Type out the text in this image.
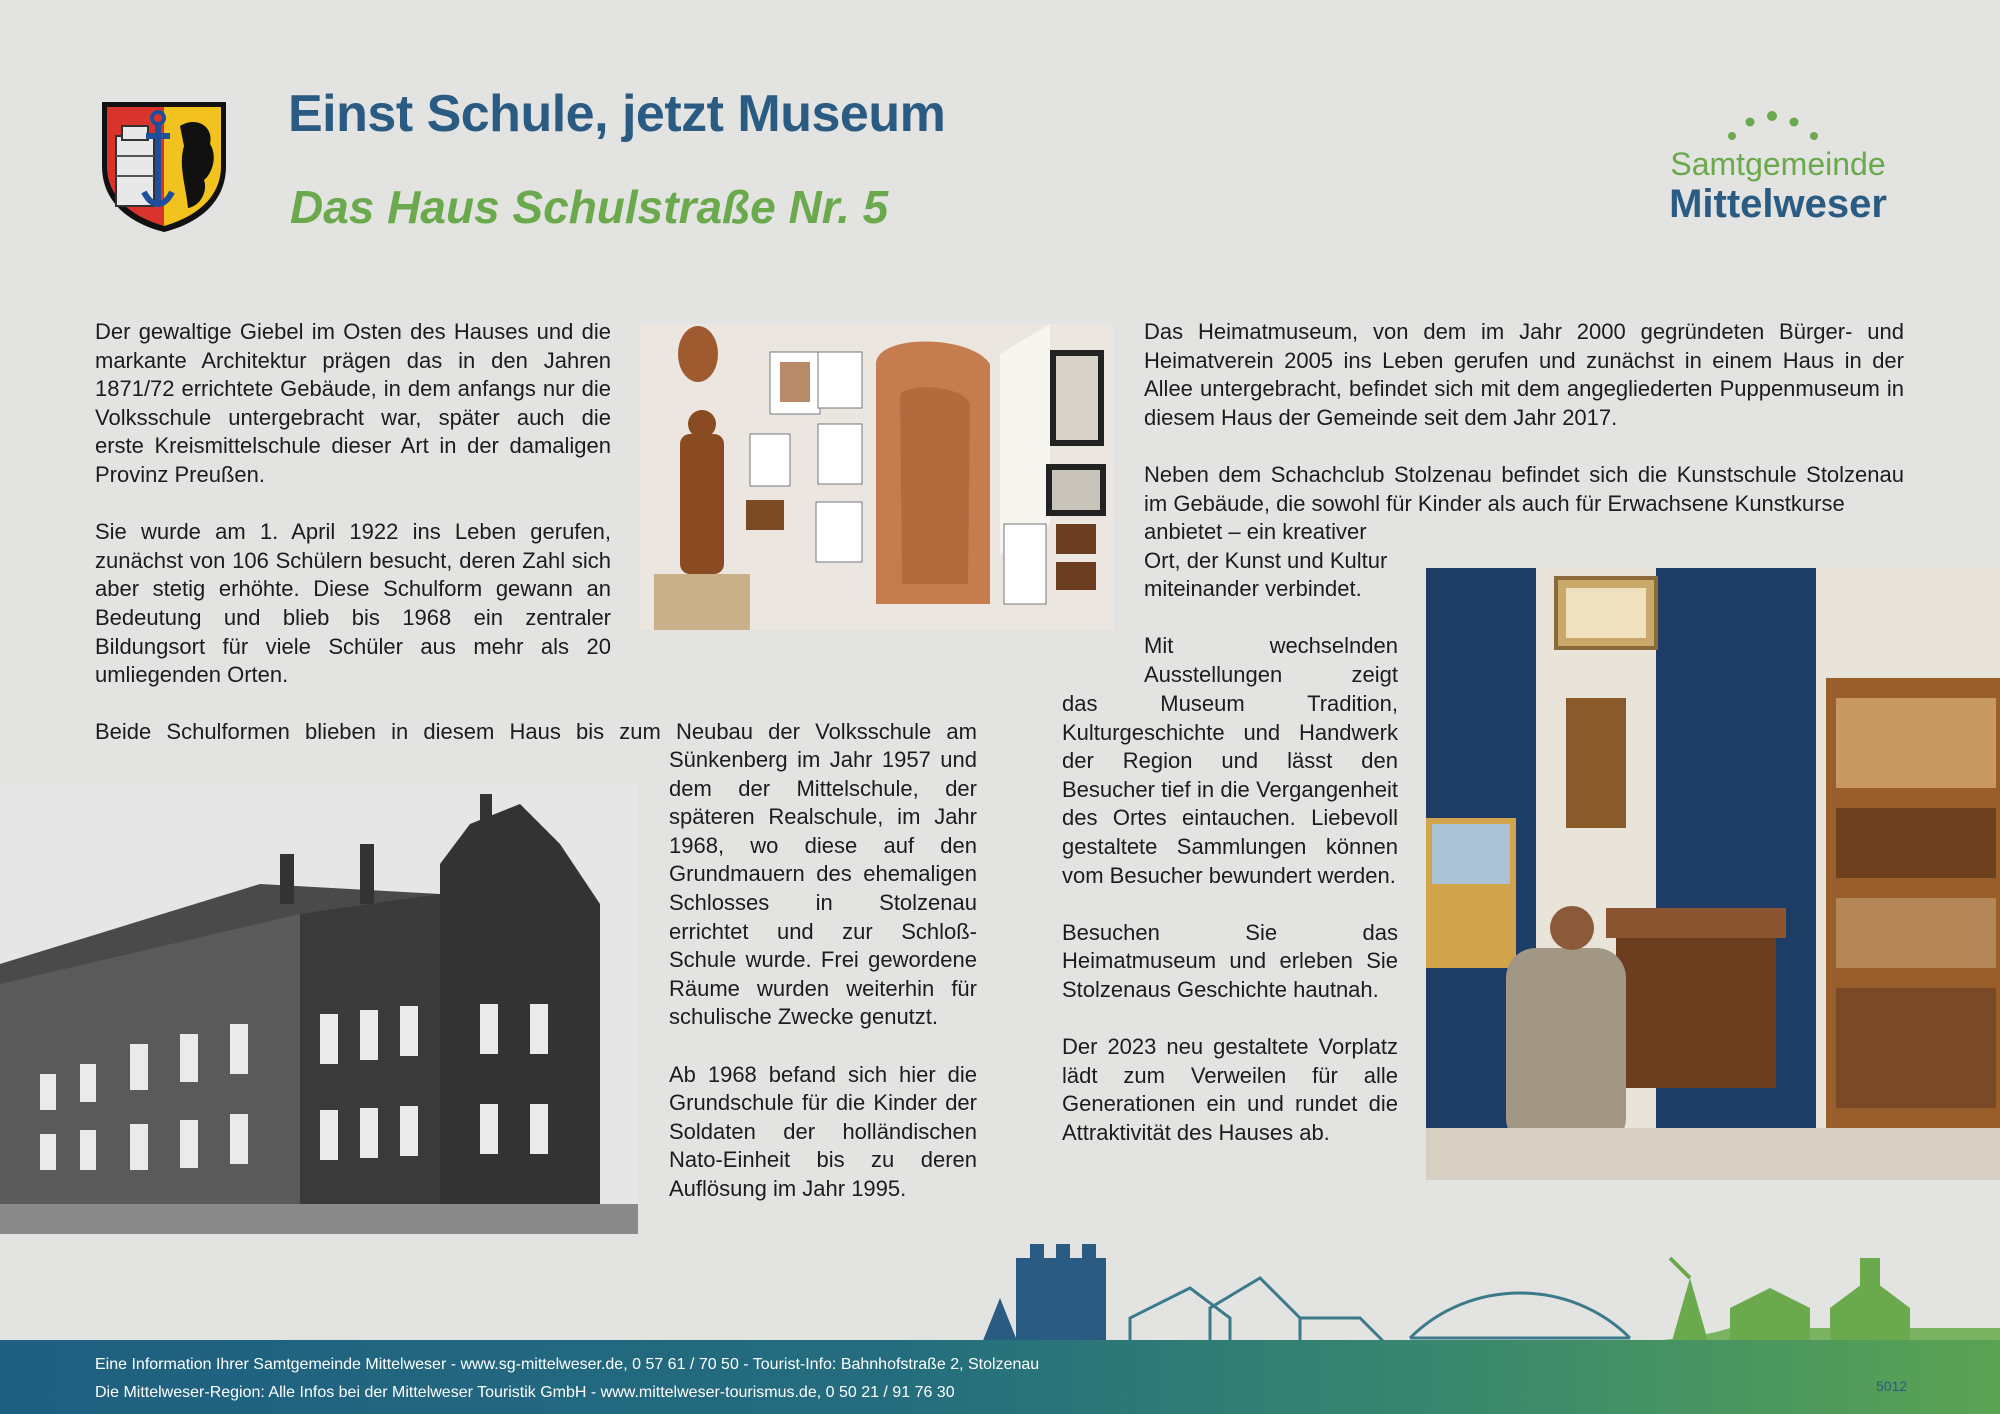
Einst Schule, jetzt Museum
Das Haus Schulstraße Nr. 5
Samtgemeinde
Mittelweser

Der gewaltige Giebel im Osten des Hauses und die markante Architektur prägen das in den Jahren 1871/72 errichtete Gebäude, in dem anfangs nur die Volksschule untergebracht war, später auch die erste Kreismittelschule dieser Art in der damaligen Provinz Preußen.

Sie wurde am 1. April 1922 ins Leben gerufen, zunächst von 106 Schülern besucht, deren Zahl sich aber stetig erhöhte. Diese Schulform gewann an Bedeutung und blieb bis 1968 ein zentraler Bildungsort für viele Schüler aus mehr als 20 umliegenden Orten.

Beide Schulformen blieben in diesem Haus bis zum Neubau der Volksschule am

Sünkenberg im Jahr 1957 und dem der Mittelschule, der späteren Realschule, im Jahr 1968, wo diese auf den Grundmauern des ehemaligen Schlosses in Stolzenau errichtet und zur Schloß-Schule wurde. Frei gewordene Räume wurden weiterhin für schulische Zwecke genutzt.

Ab 1968 befand sich hier die Grundschule für die Kinder der Soldaten der holländischen Nato-Einheit bis zu deren Auflösung im Jahr 1995.

Das Heimatmuseum, von dem im Jahr 2000 gegründeten Bürger- und Heimatverein 2005 ins Leben gerufen und zunächst in einem Haus in der Allee untergebracht, befindet sich mit dem angegliederten Puppenmuseum in diesem Haus der Gemeinde seit dem Jahr 2017.

Neben dem Schachclub Stolzenau befindet sich die Kunstschule Stolzenau im Gebäude, die sowohl für Kinder als auch für Erwachsene Kunstkurse

anbietet – ein kreativer Ort, der Kunst und Kultur miteinander verbindet.

Mit wechselnden Ausstellungen zeigt

das Museum Tradition, Kulturgeschichte und Handwerk der Region und lässt den Besucher tief in die Vergangenheit des Ortes eintauchen. Liebevoll gestaltete Sammlungen können vom Besucher bewundert werden.

Besuchen Sie das Heimatmuseum und erleben Sie Stolzenaus Geschichte hautnah.

Der 2023 neu gestaltete Vorplatz lädt zum Verweilen für alle Generationen ein und rundet die Attraktivität des Hauses ab.

Eine Information Ihrer Samtgemeinde Mittelweser - www.sg-mittelweser.de, 0 57 61 / 70 50 - Tourist-Info: Bahnhofstraße 2, Stolzenau

Die Mittelweser-Region: Alle Infos bei der Mittelweser Touristik GmbH - www.mittelweser-tourismus.de, 0 50 21 / 91 76 30	5012
